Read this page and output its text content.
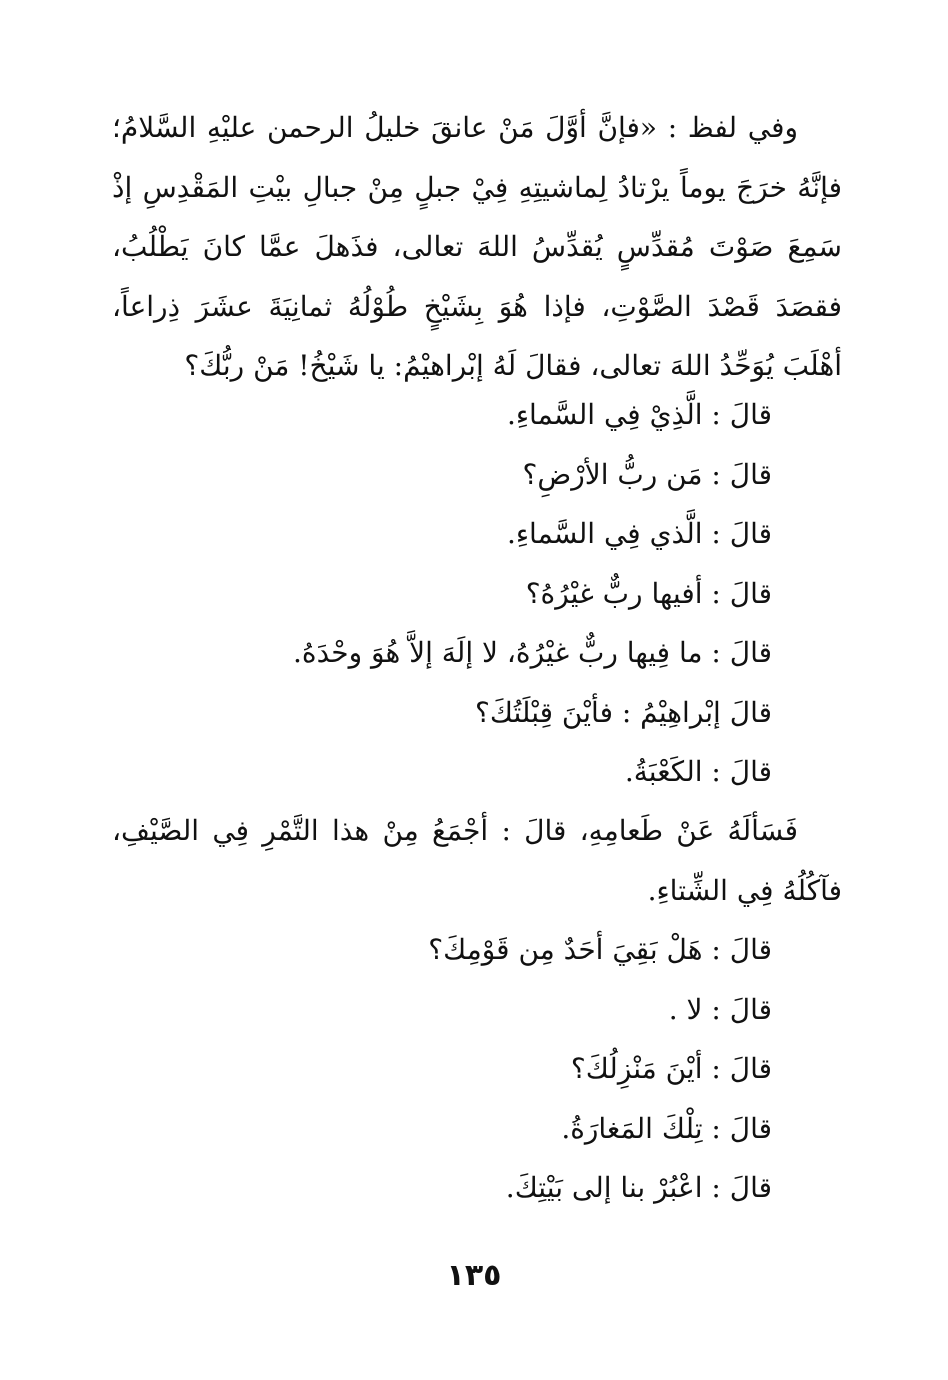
وفي لفظ : «فإنَّ أوَّلَ مَنْ عانقَ خليلُ الرحمن عليْهِ السَّلامُ؛ فإنَّهُ خرَجَ يوماً يرْتادُ لِماشيتِهِ فِيْ جبلٍ مِنْ جبالِ بيْتِ المَقْدِسِ إذْ سَمِعَ صَوْتَ مُقدِّسٍ يُقدِّسُ اللهَ تعالى، فذَهلَ عمَّا كانَ يَطْلُبُ، فقصَدَ قَصْدَ الصَّوْتِ، فإذا هُوَ بِشَيْخٍ طُوْلُهُ ثمانِيَةَ عشَرَ ذِراعاً، أهْلَبَ يُوَحِّدُ اللهَ تعالى، فقالَ لَهُ إبْراهيْمُ: يا شَيْخُ! مَنْ ربُّكَ؟

قالَ : الَّذِيْ فِي السَّماءِ.
قالَ : مَن ربُّ الأرْضِ؟
قالَ : الَّذي فِي السَّماءِ.
قالَ : أفيها ربٌّ غيْرُهُ؟
قالَ : ما فِيها ربٌّ غيْرُهُ، لا إلَهَ إلاَّ هُوَ وحْدَهُ.
قالَ إبْراهِيْمُ : فأيْنَ قِبْلَتُكَ؟
قالَ : الكَعْبَةُ.

فَسَألَهُ عَنْ طَعامِهِ، قالَ : أجْمَعُ مِنْ هذا التَّمْرِ فِي الصَّيْفِ، فآكُلُهُ فِي الشِّتاءِ.

قالَ : هَلْ بَقِيَ أحَدٌ مِن قَوْمِكَ؟
قالَ : لا .
قالَ : أيْنَ مَنْزِلُكَ؟
قالَ : تِلْكَ المَغارَةُ.
قالَ : اعْبُرْ بنا إلى بَيْتِكَ.
١٣٥
